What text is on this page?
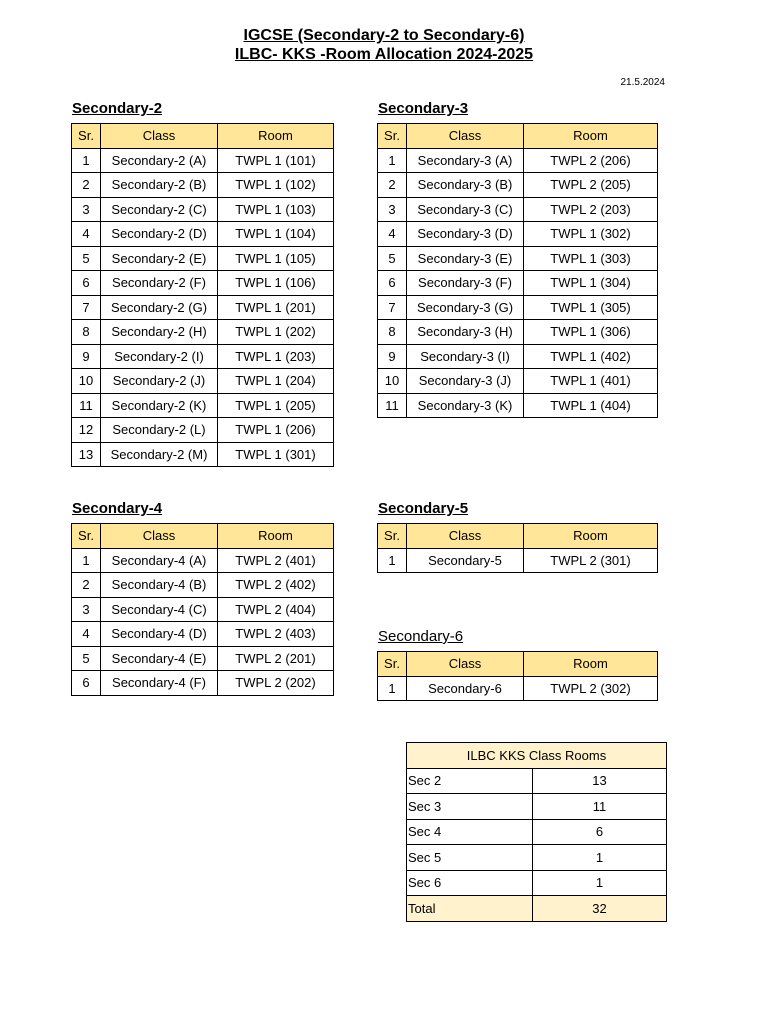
IGCSE (Secondary-2 to Secondary-6)
ILBC- KKS -Room Allocation 2024-2025
21.5.2024
Secondary-2
Sr.	Class	Room
1	Secondary-2 (A)	TWPL 1 (101)
2	Secondary-2 (B)	TWPL 1 (102)
3	Secondary-2 (C)	TWPL 1 (103)
4	Secondary-2 (D)	TWPL 1 (104)
5	Secondary-2 (E)	TWPL 1 (105)
6	Secondary-2 (F)	TWPL 1 (106)
7	Secondary-2 (G)	TWPL 1 (201)
8	Secondary-2 (H)	TWPL 1 (202)
9	Secondary-2 (I)	TWPL 1 (203)
10	Secondary-2 (J)	TWPL 1 (204)
11	Secondary-2 (K)	TWPL 1 (205)
12	Secondary-2 (L)	TWPL 1 (206)
13	Secondary-2 (M)	TWPL 1 (301)
Secondary-3
Sr.	Class	Room
1	Secondary-3 (A)	TWPL 2 (206)
2	Secondary-3 (B)	TWPL 2 (205)
3	Secondary-3 (C)	TWPL 2 (203)
4	Secondary-3 (D)	TWPL 1 (302)
5	Secondary-3 (E)	TWPL 1 (303)
6	Secondary-3 (F)	TWPL 1 (304)
7	Secondary-3 (G)	TWPL 1 (305)
8	Secondary-3 (H)	TWPL 1 (306)
9	Secondary-3 (I)	TWPL 1 (402)
10	Secondary-3 (J)	TWPL 1 (401)
11	Secondary-3 (K)	TWPL 1 (404)
Secondary-4
Sr.	Class	Room
1	Secondary-4 (A)	TWPL 2 (401)
2	Secondary-4 (B)	TWPL 2 (402)
3	Secondary-4 (C)	TWPL 2 (404)
4	Secondary-4 (D)	TWPL 2 (403)
5	Secondary-4 (E)	TWPL 2 (201)
6	Secondary-4 (F)	TWPL 2 (202)
Secondary-5
Sr.	Class	Room
1	Secondary-5	TWPL 2 (301)
Secondary-6
Sr.	Class	Room
1	Secondary-6	TWPL 2 (302)
ILBC KKS Class Rooms	
Sec 2	13
Sec 3	11
Sec 4	6
Sec 5	1
Sec 6	1
Total	32
